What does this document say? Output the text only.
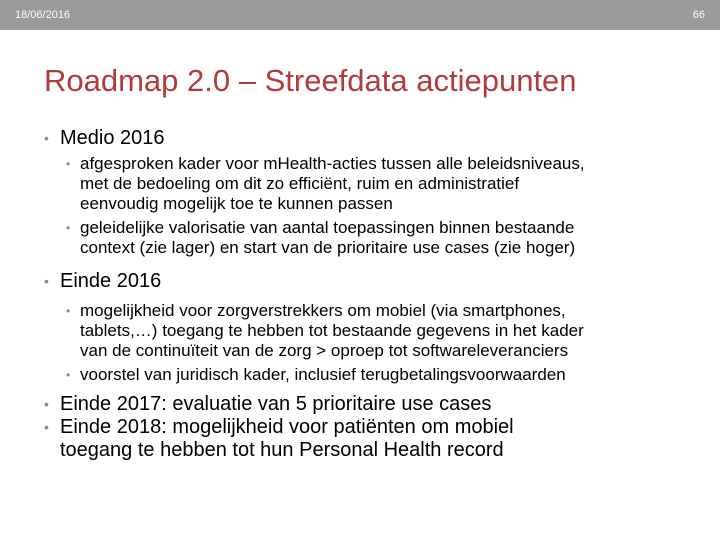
18/06/2016	66
Roadmap 2.0 – Streefdata actiepunten
• Medio 2016
• afgesproken kader voor mHealth-acties tussen alle beleidsniveaus,
met de bedoeling om dit zo efficiënt, ruim en administratief
eenvoudig mogelijk toe te kunnen passen
• geleidelijke valorisatie van aantal toepassingen binnen bestaande
context (zie lager) en start van de prioritaire use cases (zie hoger)
• Einde 2016
• mogelijkheid voor zorgverstrekkers om mobiel (via smartphones,
tablets,…) toegang te hebben tot bestaande gegevens in het kader
van de continuïteit van de zorg > oproep tot softwareleveranciers
• voorstel van juridisch kader, inclusief terugbetalingsvoorwaarden
• Einde 2017: evaluatie van 5 prioritaire use cases
• Einde 2018: mogelijkheid voor patiënten om mobiel
toegang te hebben tot hun Personal Health record
